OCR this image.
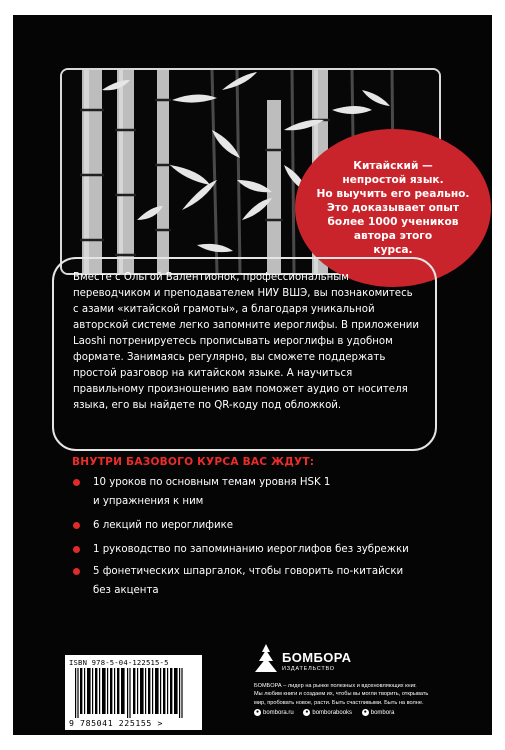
Китайский —
непростой язык.
Но выучить его реально.
Это доказывает опыт
более 1000 учеников
автора этого
курса.
Вместе с Ольгой Валентионок, профессиональным
переводчиком и преподавателем НИУ ВШЭ, вы познакомитесь
с азами «китайской грамоты», а благодаря уникальной
авторской системе легко запомните иероглифы. В приложении
Laoshi потренируетесь прописывать иероглифы в удобном
формате. Занимаясь регулярно, вы сможете поддержать
простой разговор на китайском языке. А научиться
правильному произношению вам поможет аудио от носителя
языка, его вы найдете по QR-коду под обложкой.
ВНУТРИ БАЗОВОГО КУРСА ВАС ЖДУТ:
10 уроков по основным темам уровня HSK 1
и упражнения к ним
6 лекций по иероглифике
1 руководство по запоминанию иероглифов без зубрежки
5 фонетических шпаргалок, чтобы говорить по-китайски
без акцента
ISBN 978-5-04-122515-5
9 785041 225155 >
БОМБОРА
ИЗДАТЕЛЬСТВО
БОМБОРА – лидер на рынке полезных и вдохновляющих книг.
Мы любим книги и создаем их, чтобы вы могли творить, открывать
мир, пробовать новое, расти. Быть счастливыми. Быть на волне.
● bombora.ru ● bomborabooks ● bombora
